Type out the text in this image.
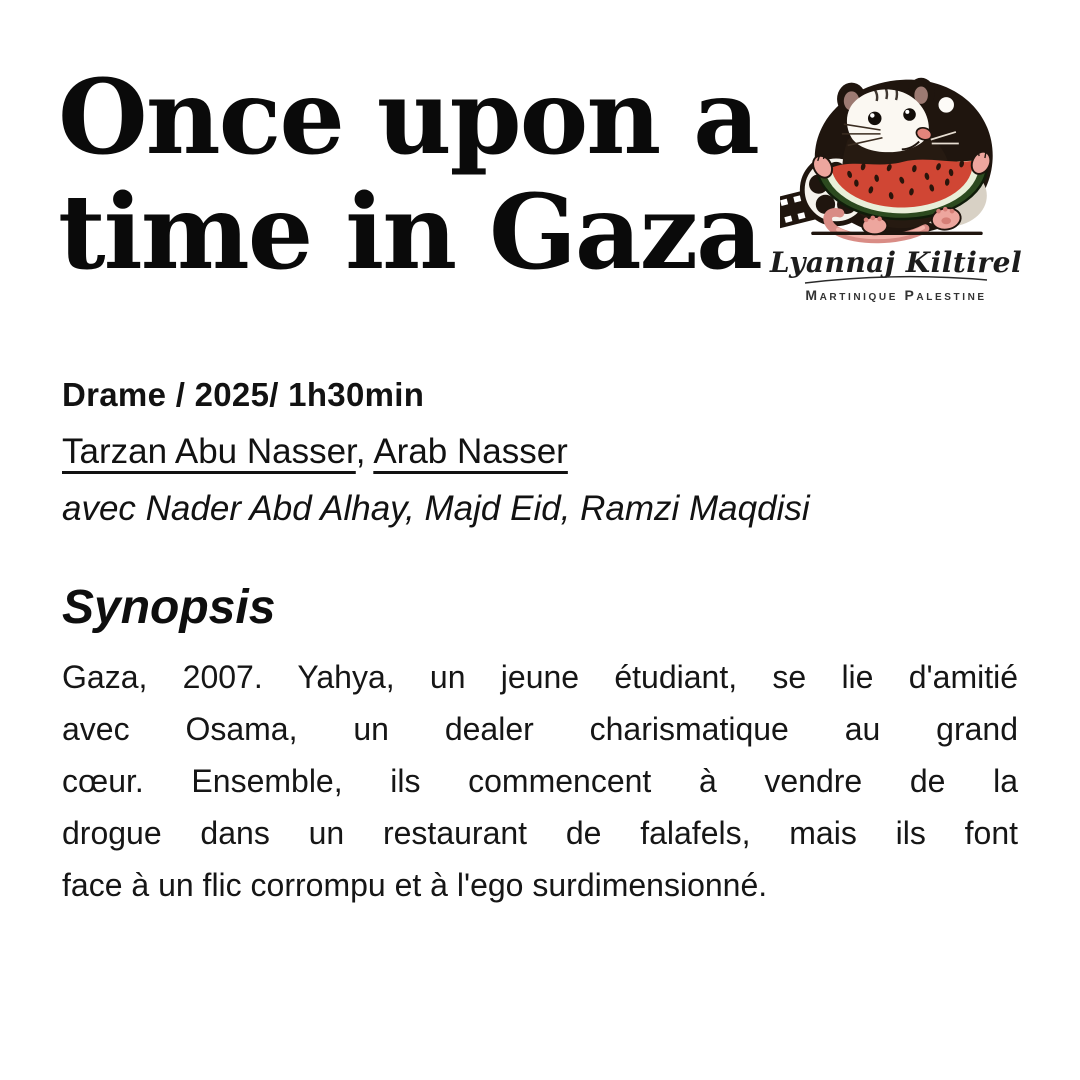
Once upon a
time in Gaza Lyannaj Kiltirel
Martinique Palestine
Drame / 2025/ 1h30min
Tarzan Abu Nasser, Arab Nasser
avec Nader Abd Alhay, Majd Eid, Ramzi Maqdisi
Synopsis
Gaza, 2007. Yahya, un jeune étudiant, se lie d'amitié
avec Osama, un dealer charismatique au grand
cœur. Ensemble, ils commencent à vendre de la
drogue dans un restaurant de falafels, mais ils font
face à un flic corrompu et à l'ego surdimensionné.
